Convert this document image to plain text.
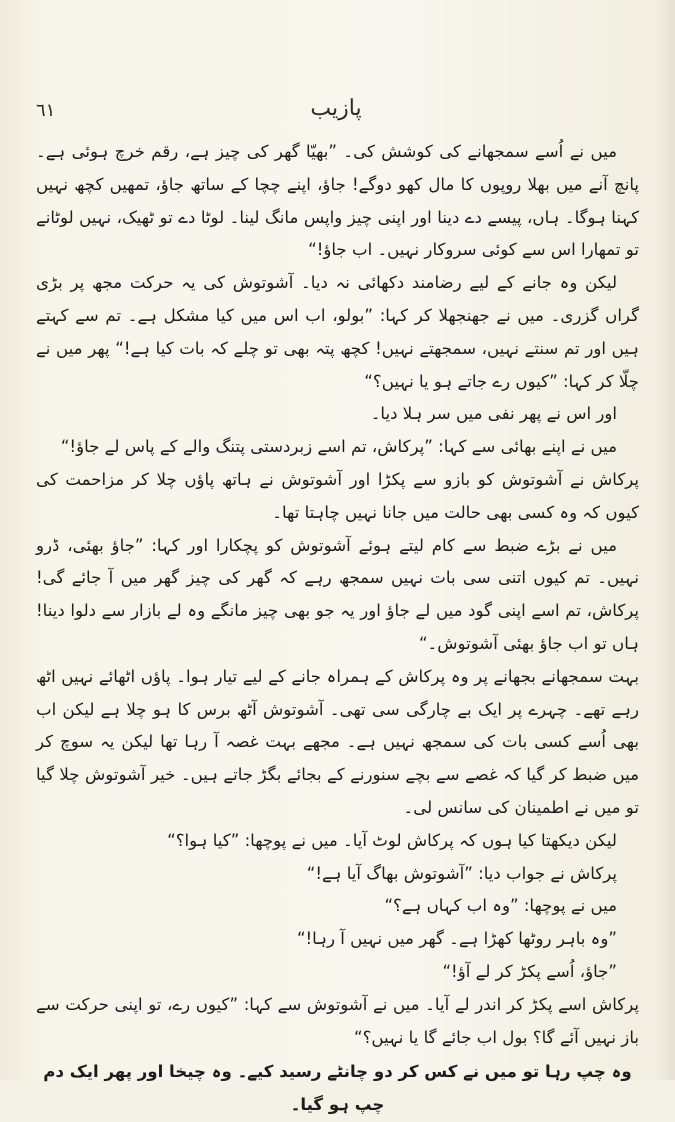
٦١	پازیب

میں نے اُسے سمجھانے کی کوشش کی۔ ”بھیّا گھر کی چیز ہے، رقم خرچ ہوئی ہے۔ پانچ آنے میں بھلا روپوں کا مال کھو دوگے! جاؤ، اپنے چچا کے ساتھ جاؤ، تمھیں کچھ نہیں کہنا ہوگا۔ ہاں، پیسے دے دینا اور اپنی چیز واپس مانگ لینا۔ لوٹا دے تو ٹھیک، نہیں لوٹانے تو تمھارا اس سے کوئی سروکار نہیں۔ اب جاؤ!“

لیکن وہ جانے کے لیے رضامند دکھائی نہ دیا۔ آشوتوش کی یہ حرکت مجھ پر بڑی گراں گزری۔ میں نے جھنجھلا کر کہا: ”بولو، اب اس میں کیا مشکل ہے۔ تم سے کہتے ہیں اور تم سنتے نہیں، سمجھتے نہیں! کچھ پتہ بھی تو چلے کہ بات کیا ہے!“ پھر میں نے چلّا کر کہا: ”کیوں رے جاتے ہو یا نہیں؟“

اور اس نے پھر نفی میں سر ہلا دیا۔

میں نے اپنے بھائی سے کہا: ”پرکاش، تم اسے زبردستی پتنگ والے کے پاس لے جاؤ!“

پرکاش نے آشوتوش کو بازو سے پکڑا اور آشوتوش نے ہاتھ پاؤں چلا کر مزاحمت کی کیوں کہ وہ کسی بھی حالت میں جانا نہیں چاہتا تھا۔

میں نے بڑے ضبط سے کام لیتے ہوئے آشوتوش کو پچکارا اور کہا: ”جاؤ بھئی، ڈرو نہیں۔ تم کیوں اتنی سی بات نہیں سمجھ رہے کہ گھر کی چیز گھر میں آ جائے گی! پرکاش، تم اسے اپنی گود میں لے جاؤ اور یہ جو بھی چیز مانگے وہ لے بازار سے دلوا دینا! ہاں تو اب جاؤ بھئی آشوتوش۔“

بہت سمجھانے بجھانے پر وہ پرکاش کے ہمراہ جانے کے لیے تیار ہوا۔ پاؤں اٹھائے نہیں اٹھ رہے تھے۔ چہرے پر ایک بے چارگی سی تھی۔ آشوتوش آٹھ برس کا ہو چلا ہے لیکن اب بھی اُسے کسی بات کی سمجھ نہیں ہے۔ مجھے بہت غصہ آ رہا تھا لیکن یہ سوچ کر میں ضبط کر گیا کہ غصے سے بچے سنورنے کے بجائے بگڑ جاتے ہیں۔ خیر آشوتوش چلا گیا تو میں نے اطمینان کی سانس لی۔

لیکن دیکھتا کیا ہوں کہ پرکاش لوٹ آیا۔ میں نے پوچھا: ”کیا ہوا؟“

پرکاش نے جواب دیا: ”آشوتوش بھاگ آیا ہے!“

میں نے پوچھا: ”وہ اب کہاں ہے؟“

”وہ باہر روٹھا کھڑا ہے۔ گھر میں نہیں آ رہا!“

”جاؤ، اُسے پکڑ کر لے آؤ!“

پرکاش اسے پکڑ کر اندر لے آیا۔ میں نے آشوتوش سے کہا: ”کیوں رے، تو اپنی حرکت سے باز نہیں آئے گا؟ بول اب جائے گا یا نہیں؟“

وہ چپ رہا تو میں نے کس کر دو چانٹے رسید کیے۔ وہ چیخا اور پھر ایک دم چپ ہو گیا۔
